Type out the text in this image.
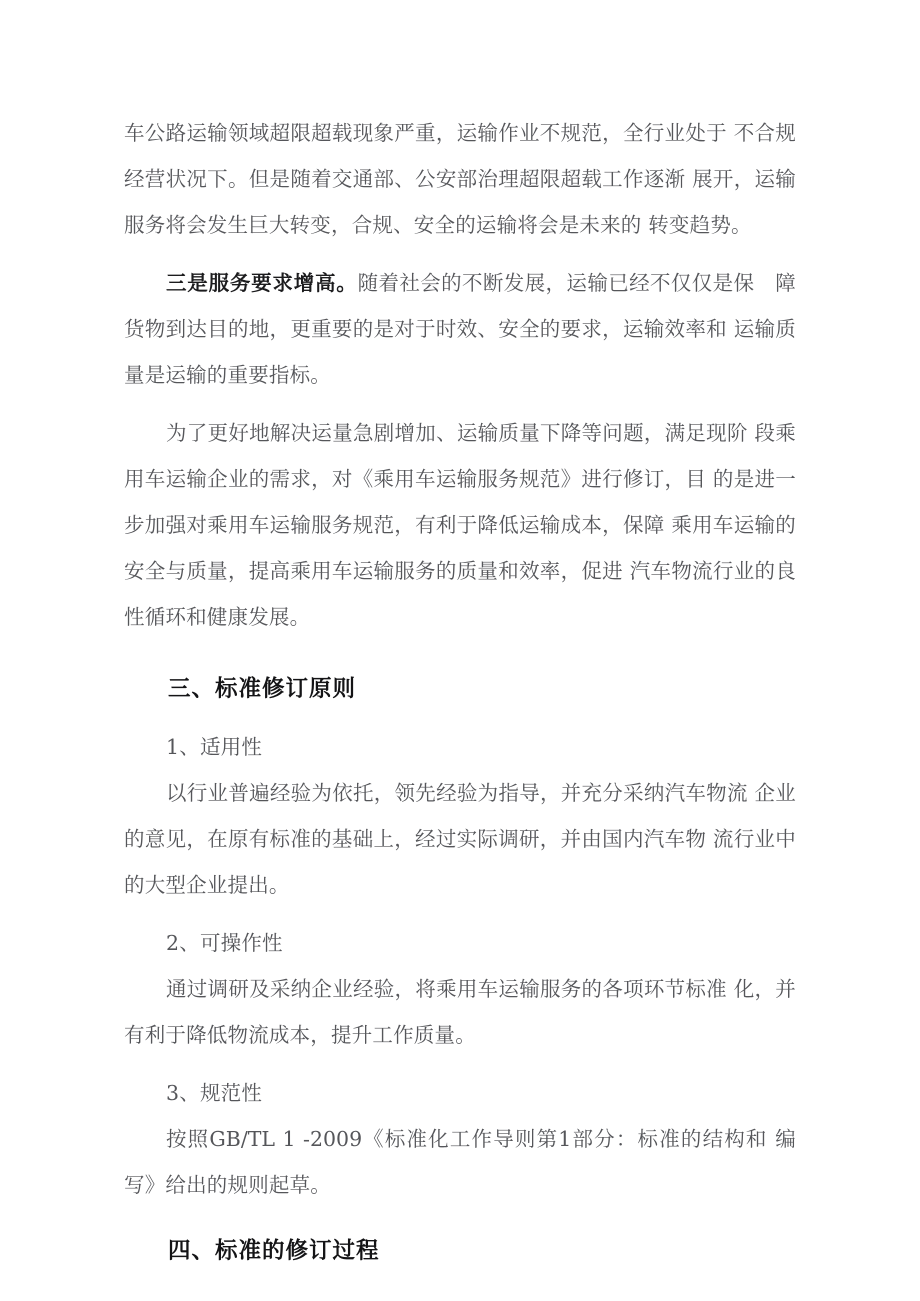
车公路运输领域超限超载现象严重，运输作业不规范，全行业处于 不合规经营状况下。但是随着交通部、公安部治理超限超载工作逐渐 展开，运输服务将会发生巨大转变，合规、安全的运输将会是未来的 转变趋势。

三是服务要求增高。随着社会的不断发展，运输已经不仅仅是保　障货物到达目的地，更重要的是对于时效、安全的要求，运输效率和 运输质量是运输的重要指标。

为了更好地解决运量急剧增加、运输质量下降等问题，满足现阶 段乘用车运输企业的需求，对《乘用车运输服务规范》进行修订，目 的是进一步加强对乘用车运输服务规范，有利于降低运输成本，保障 乘用车运输的安全与质量，提高乘用车运输服务的质量和效率，促进 汽车物流行业的良性循环和健康发展。

三、标准修订原则

1、适用性

以行业普遍经验为依托，领先经验为指导，并充分采纳汽车物流 企业的意见，在原有标准的基础上，经过实际调研，并由国内汽车物 流行业中的大型企业提出。

2、可操作性

通过调研及采纳企业经验，将乘用车运输服务的各项环节标准 化，并有利于降低物流成本，提升工作质量。

3、规范性

按照GB/TL 1 -2009《标准化工作导则第1部分：标准的结构和 编写》给出的规则起草。

四、标准的修订过程
